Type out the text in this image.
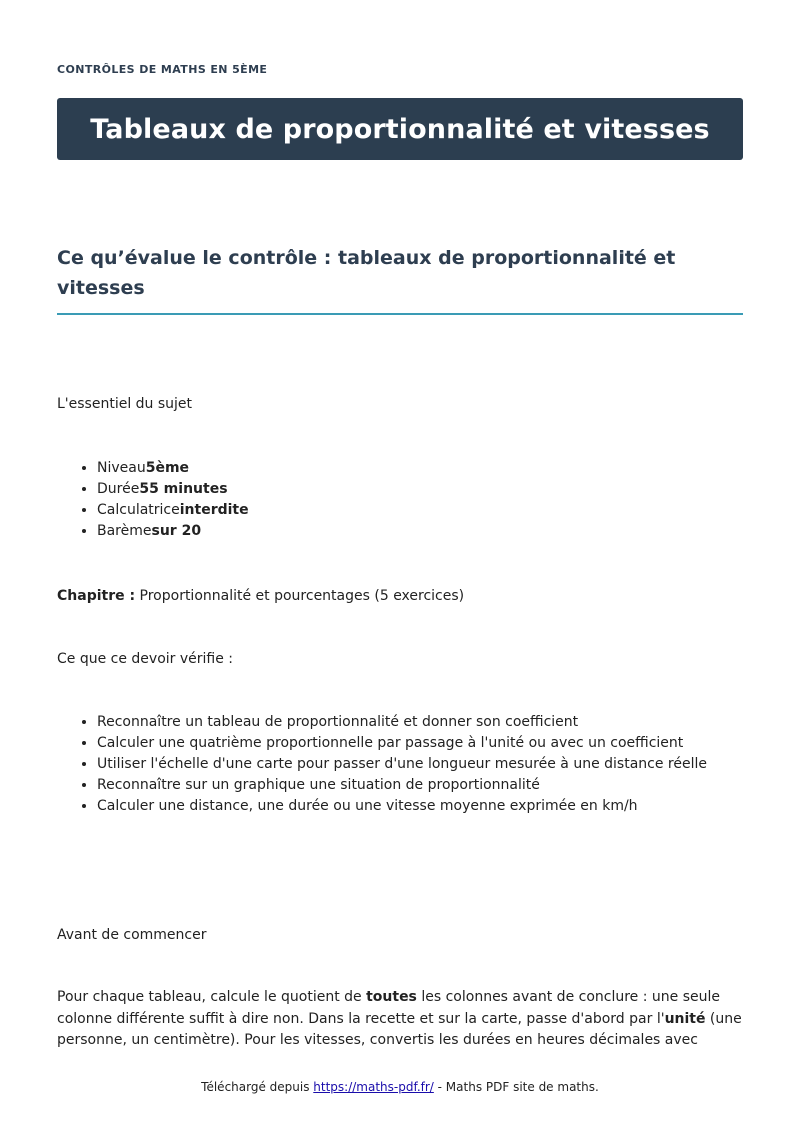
CONTRÔLES DE MATHS EN 5ÈME
Tableaux de proportionnalité et vitesses
Ce qu’évalue le contrôle : tableaux de proportionnalité et vitesses

L'essentiel du sujet

• Niveau5ème
• Durée55 minutes
• Calculatriceinterdite
• Barèmesur 20

Chapitre : Proportionnalité et pourcentages (5 exercices)

Ce que ce devoir vérifie :

• Reconnaître un tableau de proportionnalité et donner son coefficient
• Calculer une quatrième proportionnelle par passage à l'unité ou avec un coefficient
• Utiliser l'échelle d'une carte pour passer d'une longueur mesurée à une distance réelle
• Reconnaître sur un graphique une situation de proportionnalité
• Calculer une distance, une durée ou une vitesse moyenne exprimée en km/h

Avant de commencer

Pour chaque tableau, calcule le quotient de toutes les colonnes avant de conclure : une seule colonne différente suffit à dire non. Dans la recette et sur la carte, passe d'abord par l'unité (une personne, un centimètre). Pour les vitesses, convertis les durées en heures décimales avec

Téléchargé depuis https://maths-pdf.fr/ - Maths PDF site de maths.
